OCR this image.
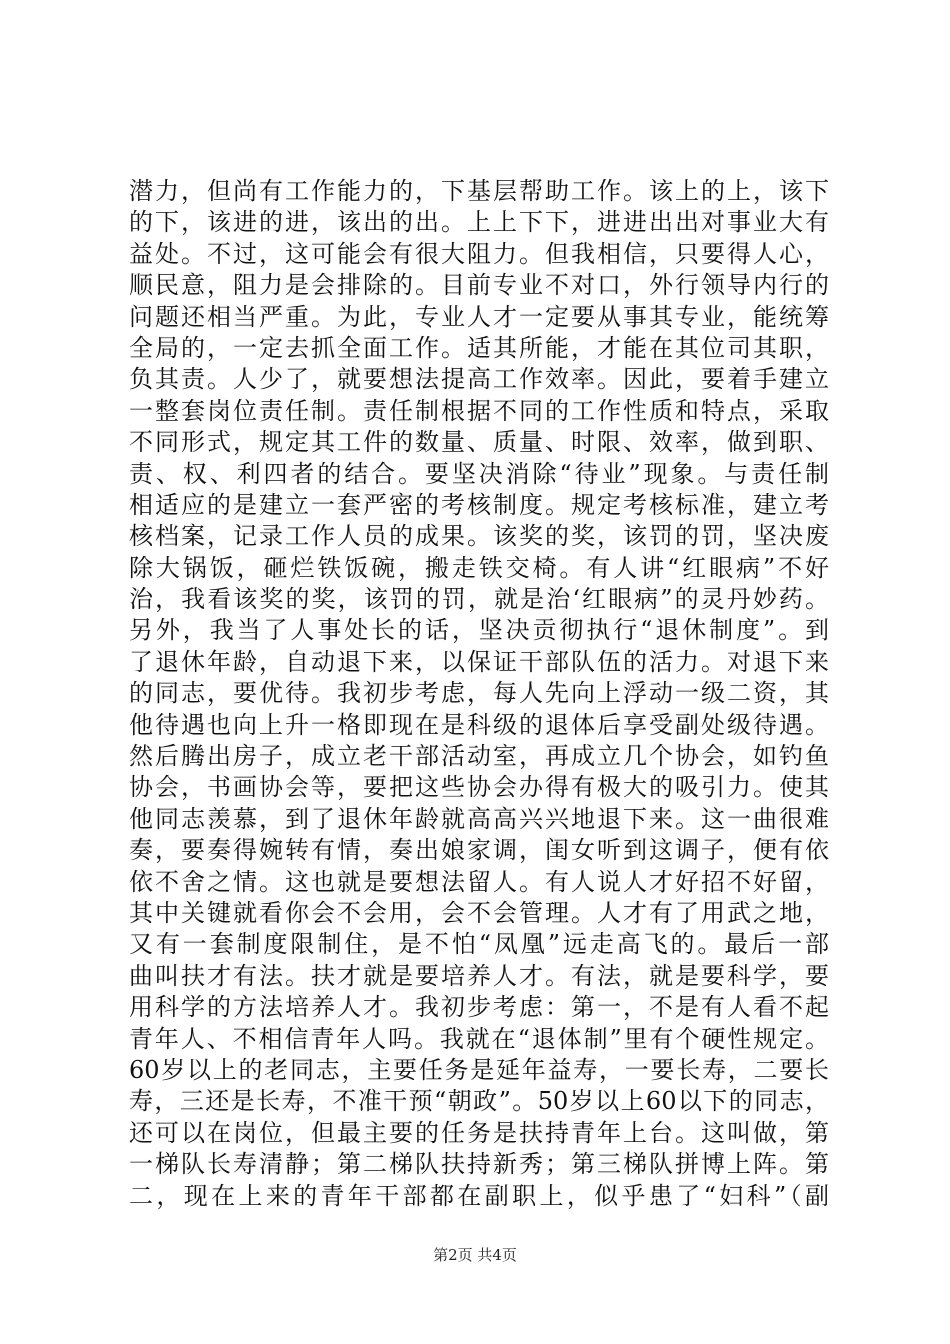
潜力，但尚有工作能力的，下基层帮助工作。该上的上，该下
的下，该进的进，该出的出。上上下下，进进出出对事业大有
益处。不过，这可能会有很大阻力。但我相信，只要得人心，
顺民意，阻力是会排除的。目前专业不对口，外行领导内行的
问题还相当严重。为此，专业人才一定要从事其专业，能统筹
全局的，一定去抓全面工作。适其所能，才能在其位司其职，
负其责。人少了，就要想法提高工作效率。因此，要着手建立
一整套岗位责任制。责任制根据不同的工作性质和特点，采取
不同形式，规定其工件的数量、质量、时限、效率，做到职、
责、权、利四者的结合。要坚决消除“待业”现象。与责任制
相适应的是建立一套严密的考核制度。规定考核标准，建立考
核档案，记录工作人员的成果。该奖的奖，该罚的罚，坚决废
除大锅饭，砸烂铁饭碗，搬走铁交椅。有人讲“红眼病”不好
治，我看该奖的奖，该罚的罚，就是治‘红眼病”的灵丹妙药。
另外，我当了人事处长的话，坚决贡彻执行“退休制度”。到
了退休年龄，自动退下来，以保证干部队伍的活力。对退下来
的同志，要优待。我初步考虑，每人先向上浮动一级二资，其
他待遇也向上升一格即现在是科级的退体后享受副处级待遇。
然后腾出房子，成立老干部活动室，再成立几个协会，如钓鱼
协会，书画协会等，要把这些协会办得有极大的吸引力。使其
他同志羡慕，到了退休年龄就高高兴兴地退下来。这一曲很难
奏，要奏得婉转有情，奏出娘家调，闺女听到这调子，便有依
依不舍之情。这也就是要想法留人。有人说人才好招不好留，
其中关键就看你会不会用，会不会管理。人才有了用武之地，
又有一套制度限制住，是不怕“凤凰”远走高飞的。最后一部
曲叫扶才有法。扶才就是要培养人才。有法，就是要科学，要
用科学的方法培养人才。我初步考虑：第一，不是有人看不起
青年人、不相信青年人吗。我就在“退体制”里有个硬性规定。
60岁以上的老同志，主要任务是延年益寿，一要长寿，二要长
寿，三还是长寿，不准干预“朝政”。50岁以上60以下的同志，
还可以在岗位，但最主要的任务是扶持青年上台。这叫做，第
一梯队长寿清静；第二梯队扶持新秀；第三梯队拼博上阵。第
二，现在上来的青年干部都在副职上，似乎患了“妇科”（副
第2页 共4页
